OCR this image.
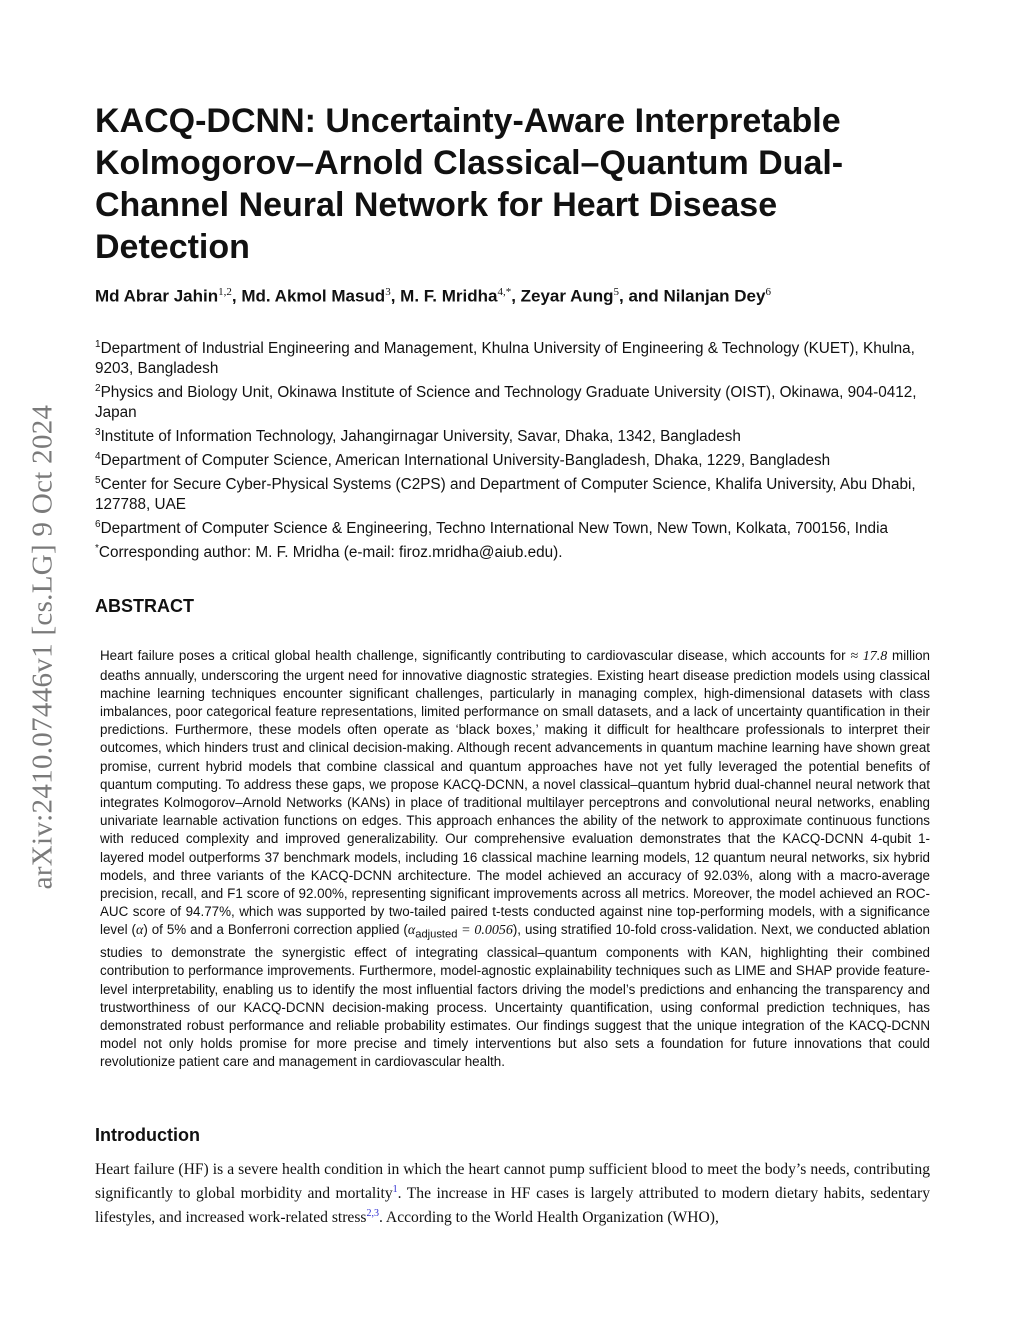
arXiv:2410.07446v1 [cs.LG] 9 Oct 2024
KACQ-DCNN: Uncertainty-Aware Interpretable Kolmogorov–Arnold Classical–Quantum Dual-Channel Neural Network for Heart Disease Detection
Md Abrar Jahin$^{1,2}$, Md. Akmol Masud$^3$, M. F. Mridha$^{4,*}$, Zeyar Aung$^5$, and Nilanjan Dey$^6$
$^1$Department of Industrial Engineering and Management, Khulna University of Engineering & Technology (KUET), Khulna, 9203, Bangladesh
$^2$Physics and Biology Unit, Okinawa Institute of Science and Technology Graduate University (OIST), Okinawa, 904-0412, Japan
$^3$Institute of Information Technology, Jahangirnagar University, Savar, Dhaka, 1342, Bangladesh
$^4$Department of Computer Science, American International University-Bangladesh, Dhaka, 1229, Bangladesh
$^5$Center for Secure Cyber-Physical Systems (C2PS) and Department of Computer Science, Khalifa University, Abu Dhabi, 127788, UAE
$^6$Department of Computer Science & Engineering, Techno International New Town, New Town, Kolkata, 700156, India
*Corresponding author: M. F. Mridha (e-mail: firoz.mridha@aiub.edu).
ABSTRACT
Heart failure poses a critical global health challenge, significantly contributing to cardiovascular disease, which accounts for ≈ 17.8 million deaths annually, underscoring the urgent need for innovative diagnostic strategies. Existing heart disease prediction models using classical machine learning techniques encounter significant challenges, particularly in managing complex, high-dimensional datasets with class imbalances, poor categorical feature representations, limited performance on small datasets, and a lack of uncertainty quantification in their predictions. Furthermore, these models often operate as ‘black boxes,’ making it difficult for healthcare professionals to interpret their outcomes, which hinders trust and clinical decision-making. Although recent advancements in quantum machine learning have shown great promise, current hybrid models that combine classical and quantum approaches have not yet fully leveraged the potential benefits of quantum computing. To address these gaps, we propose KACQ-DCNN, a novel classical–quantum hybrid dual-channel neural network that integrates Kolmogorov–Arnold Networks (KANs) in place of traditional multilayer perceptrons and convolutional neural networks, enabling univariate learnable activation functions on edges. This approach enhances the ability of the network to approximate continuous functions with reduced complexity and improved generalizability. Our comprehensive evaluation demonstrates that the KACQ-DCNN 4-qubit 1-layered model outperforms 37 benchmark models, including 16 classical machine learning models, 12 quantum neural networks, six hybrid models, and three variants of the KACQ-DCNN architecture. The model achieved an accuracy of 92.03%, along with a macro-average precision, recall, and F1 score of 92.00%, representing significant improvements across all metrics. Moreover, the model achieved an ROC-AUC score of 94.77%, which was supported by two-tailed paired t-tests conducted against nine top-performing models, with a significance level (α) of 5% and a Bonferroni correction applied $(\alpha_{adjusted} = 0.0056)$, using stratified 10-fold cross-validation. Next, we conducted ablation studies to demonstrate the synergistic effect of integrating classical–quantum components with KAN, highlighting their combined contribution to performance improvements. Furthermore, model-agnostic explainability techniques such as LIME and SHAP provide feature-level interpretability, enabling us to identify the most influential factors driving the model’s predictions and enhancing the transparency and trustworthiness of our KACQ-DCNN decision-making process. Uncertainty quantification, using conformal prediction techniques, has demonstrated robust performance and reliable probability estimates. Our findings suggest that the unique integration of the KACQ-DCNN model not only holds promise for more precise and timely interventions but also sets a foundation for future innovations that could revolutionize patient care and management in cardiovascular health.
Introduction
Heart failure (HF) is a severe health condition in which the heart cannot pump sufficient blood to meet the body’s needs, contributing significantly to global morbidity and mortality$^1$. The increase in HF cases is largely attributed to modern dietary habits, sedentary lifestyles, and increased work-related stress$^{2,3}$. According to the World Health Organization (WHO),
